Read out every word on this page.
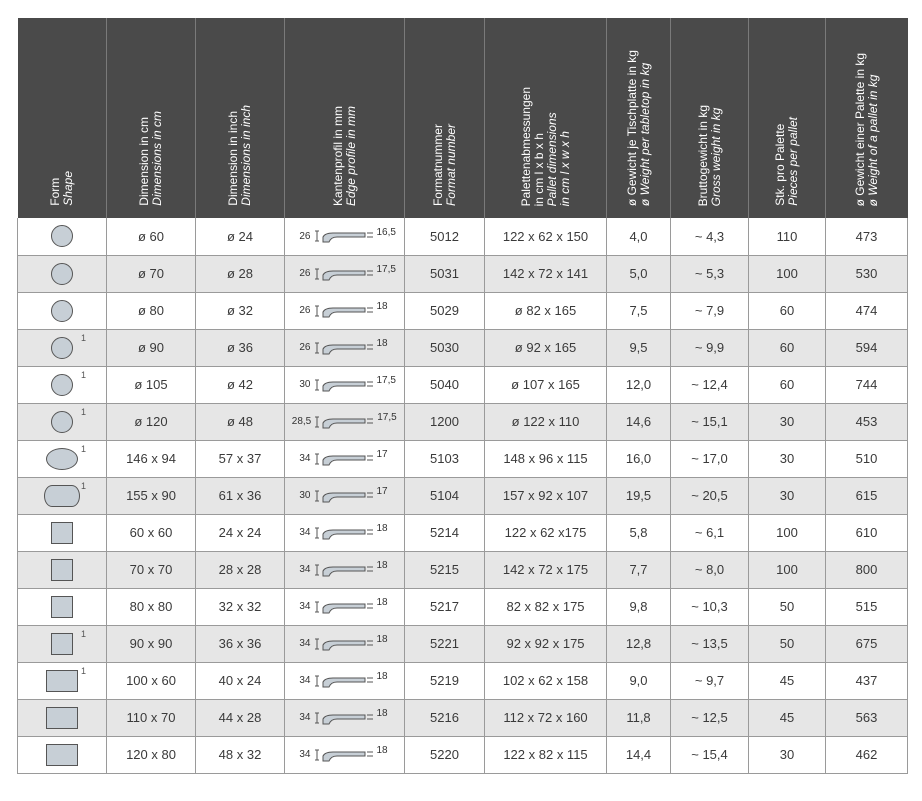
Form Shape	Dimension in cm Dimensions in cm	Dimension in inch Dimensions in inch	Kantenprofil in mm Edge profile in mm	Formatnummer Format number	Palettenabmessungen in cm l x b x h Pallet dimensions in cm l x w x h	ø Gewicht je Tischplatte in kg ø Weight per tabletop in kg	Bruttogewicht in kg Gross weight in kg	Stk. pro Palette Pieces per pallet	ø Gewicht einer Palette in kg ø Weight of a pallet in kg

	ø 60	ø 24	26 16,5	5012	122 x 62 x 150	4,0	~ 4,3	110	473

	ø 70	ø 28	26 17,5	5031	142 x 72 x 141	5,0	~ 5,3	100	530

	ø 80	ø 32	26 18	5029	ø 82 x 165	7,5	~ 7,9	60	474

1	ø 90	ø 36	26 18	5030	ø 92 x 165	9,5	~ 9,9	60	594

1	ø 105	ø 42	30 17,5	5040	ø 107 x 165	12,0	~ 12,4	60	744

1	ø 120	ø 48	28,5 17,5	1200	ø 122 x 110	14,6	~ 15,1	30	453

1	146 x 94	57 x 37	34 17	5103	148 x 96 x 115	16,0	~ 17,0	30	510

1	155 x 90	61 x 36	30 17	5104	157 x 92 x 107	19,5	~ 20,5	30	615

	60 x 60	24 x 24	34 18	5214	122 x 62 x175	5,8	~ 6,1	100	610

	70 x 70	28 x 28	34 18	5215	142 x 72 x 175	7,7	~ 8,0	100	800

	80 x 80	32 x 32	34 18	5217	82 x 82 x 175	9,8	~ 10,3	50	515

1	90 x 90	36 x 36	34 18	5221	92 x 92 x 175	12,8	~ 13,5	50	675

1	100 x 60	40 x 24	34 18	5219	102 x 62 x 158	9,0	~ 9,7	45	437

	110 x 70	44 x 28	34 18	5216	112 x 72 x 160	11,8	~ 12,5	45	563

	120 x 80	48 x 32	34 18	5220	122 x 82 x 115	14,4	~ 15,4	30	462
